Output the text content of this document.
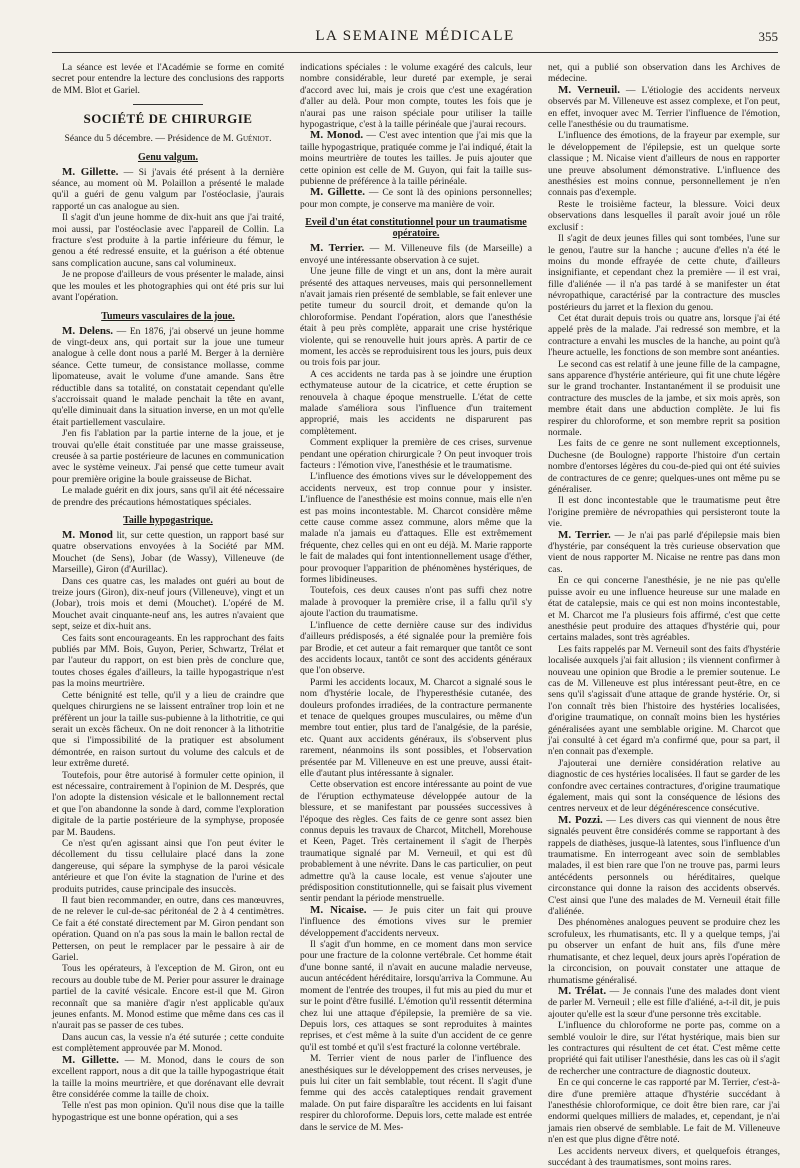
LA SEMAINE MÉDICALE	355

La séance est levée et l'Académie se forme en comité secret pour entendre la lecture des conclusions des rapports de MM. Blot et Gariel.

SOCIÉTÉ DE CHIRURGIE
Séance du 5 décembre. — Présidence de M. Guéniot.
Genu valgum.

M. Gillette. — Si j'avais été présent à la dernière séance, au moment où M. Polaillon a présenté le malade qu'il a guéri de genu valgum par l'ostéoclasie, j'aurais rapporté un cas analogue au sien.

Il s'agit d'un jeune homme de dix-huit ans que j'ai traité, moi aussi, par l'ostéoclasie avec l'appareil de Collin. La fracture s'est produite à la partie inférieure du fémur, le genou a été redressé ensuite, et la guérison a été obtenue sans complication aucune, sans cal volumineux.

Je ne propose d'ailleurs de vous présenter le malade, ainsi que les moules et les photographies qui ont été pris sur lui avant l'opération.

Tumeurs vasculaires de la joue.

M. Delens. — En 1876, j'ai observé un jeune homme de vingt-deux ans, qui portait sur la joue une tumeur analogue à celle dont nous a parlé M. Berger à la dernière séance. Cette tumeur, de consistance mollasse, comme lipomateuse, avait le volume d'une amande. Sans être réductible dans sa totalité, on constatait cependant qu'elle s'accroissait quand le malade penchait la tête en avant, qu'elle diminuait dans la situation inverse, en un mot qu'elle était partiellement vasculaire.

J'en fis l'ablation par la partie interne de la joue, et je trouvai qu'elle était constituée par une masse graisseuse, creusée à sa partie postérieure de lacunes en communication avec le système veineux. J'ai pensé que cette tumeur avait pour première origine la boule graisseuse de Bichat.

Le malade guérit en dix jours, sans qu'il ait été nécessaire de prendre des précautions hémostatiques spéciales.

Taille hypogastrique.

M. Monod lit, sur cette question, un rapport basé sur quatre observations envoyées à la Société par MM. Mouchet (de Sens), Jobar (de Wassy), Villeneuve (de Marseille), Giron (d'Aurillac).

Dans ces quatre cas, les malades ont guéri au bout de treize jours (Giron), dix-neuf jours (Villeneuve), vingt et un (Jobar), trois mois et demi (Mouchet). L'opéré de M. Mouchet avait cinquante-neuf ans, les autres n'avaient que sept, seize et dix-huit ans.

Ces faits sont encourageants. En les rapprochant des faits publiés par MM. Bois, Guyon, Perier, Schwartz, Trélat et par l'auteur du rapport, on est bien près de conclure que, toutes choses égales d'ailleurs, la taille hypogastrique n'est pas la moins meurtrière.

Cette bénignité est telle, qu'il y a lieu de craindre que quelques chirurgiens ne se laissent entraîner trop loin et ne préfèrent un jour la taille sus-pubienne à la lithotritie, ce qui serait un excès fâcheux. On ne doit renoncer à la lithotritie que si l'impossibilité de la pratiquer est absolument démontrée, en raison surtout du volume des calculs et de leur extrême dureté.

Toutefois, pour être autorisé à formuler cette opinion, il est nécessaire, contrairement à l'opinion de M. Després, que l'on adopte la distension vésicale et le ballonnement rectal et que l'on abandonne la sonde à dard, comme l'exploration digitale de la partie postérieure de la symphyse, proposée par M. Baudens.

Ce n'est qu'en agissant ainsi que l'on peut éviter le décollement du tissu cellulaire placé dans la zone dangereuse, qui sépare la symphyse de la paroi vésicale antérieure et que l'on évite la stagnation de l'urine et des produits putrides, cause principale des insuccès.

Il faut bien recommander, en outre, dans ces manœuvres, de ne relever le cul-de-sac péritonéal de 2 à 4 centimètres. Ce fait a été constaté directement par M. Giron pendant son opération. Quand on n'a pas sous la main le ballon rectal de Pettersen, on peut le remplacer par le pessaire à air de Gariel.

Tous les opérateurs, à l'exception de M. Giron, ont eu recours au double tube de M. Perier pour assurer le drainage partiel de la cavité vésicale. Encore est-il que M. Giron reconnaît que sa manière d'agir n'est applicable qu'aux jeunes enfants. M. Monod estime que même dans ces cas il n'aurait pas se passer de ces tubes.

Dans aucun cas, la vessie n'a été suturée ; cette conduite est complètement approuvée par M. Monod.

M. Gillette. — M. Monod, dans le cours de son excellent rapport, nous a dit que la taille hypogastrique était la taille la moins meurtrière, et que dorénavant elle devrait être considérée comme la taille de choix.

Telle n'est pas mon opinion. Qu'il nous dise que la taille hypogastrique est une bonne opération, qui a ses

indications spéciales : le volume exagéré des calculs, leur nombre considérable, leur dureté par exemple, je serai d'accord avec lui, mais je crois que c'est une exagération d'aller au delà. Pour mon compte, toutes les fois que je n'aurai pas une raison spéciale pour utiliser la taille hypogastrique, c'est à la taille périnéale que j'aurai recours.

M. Monod. — C'est avec intention que j'ai mis que la taille hypogastrique, pratiquée comme je l'ai indiqué, était la moins meurtrière de toutes les tailles. Je puis ajouter que cette opinion est celle de M. Guyon, qui fait la taille sus-pubienne de préférence à la taille périnéale.

M. Gillette. — Ce sont là des opinions personnelles; pour mon compte, je conserve ma manière de voir.

Eveil d'un état constitutionnel pour un traumatisme opératoire.

M. Terrier. — M. Villeneuve fils (de Marseille) a envoyé une intéressante observation à ce sujet.

Une jeune fille de vingt et un ans, dont la mère aurait présenté des attaques nerveuses, mais qui personnellement n'avait jamais rien présenté de semblable, se fait enlever une petite tumeur du sourcil droit, et demande qu'on la chloroformise. Pendant l'opération, alors que l'anesthésie était à peu près complète, apparait une crise hystérique violente, qui se renouvelle huit jours après. A partir de ce moment, les accès se reproduisirent tous les jours, puis deux ou trois fois par jour.

A ces accidents ne tarda pas à se joindre une éruption ecthymateuse autour de la cicatrice, et cette éruption se renouvela à chaque époque menstruelle. L'état de cette malade s'améliora sous l'influence d'un traitement approprié, mais les accidents ne disparurent pas complètement.

Comment expliquer la première de ces crises, survenue pendant une opération chirurgicale ? On peut invoquer trois facteurs : l'émotion vive, l'anesthésie et le traumatisme.

L'influence des émotions vives sur le développement des accidents nerveux, est trop connue pour y insister. L'influence de l'anesthésie est moins connue, mais elle n'en est pas moins incontestable. M. Charcot considère même cette cause comme assez commune, alors même que la malade n'a jamais eu d'attaques. Elle est extrêmement fréquente, chez celles qui en ont eu déjà. M. Marie rapporte le fait de malades qui font intentionnellement usage d'éther, pour provoquer l'apparition de phénomènes hystériques, de formes libidineuses.

Toutefois, ces deux causes n'ont pas suffi chez notre malade à provoquer la première crise, il a fallu qu'il s'y ajoute l'action du traumatisme.

L'influence de cette dernière cause sur des individus d'ailleurs prédisposés, a été signalée pour la première fois par Brodie, et cet auteur a fait remarquer que tantôt ce sont des accidents locaux, tantôt ce sont des accidents généraux que l'on observe.

Parmi les accidents locaux, M. Charcot a signalé sous le nom d'hystérie locale, de l'hyperesthésie cutanée, des douleurs profondes irradiées, de la contracture permanente et tenace de quelques groupes musculaires, ou même d'un membre tout entier, plus tard de l'analgésie, de la parésie, etc. Quant aux accidents généraux, ils s'observent plus rarement, néanmoins ils sont possibles, et l'observation présentée par M. Villeneuve en est une preuve, aussi était-elle d'autant plus intéressante à signaler.

Cette observation est encore intéressante au point de vue de l'éruption ecthymateuse développée autour de la blessure, et se manifestant par poussées successives à l'époque des règles. Ces faits de ce genre sont assez bien connus depuis les travaux de Charcot, Mitchell, Morehouse et Keen, Paget. Très certainement il s'agit de l'herpès traumatique signalé par M. Verneuil, et qui est dû probablement à une névrite. Dans le cas particulier, on peut admettre qu'à la cause locale, est venue s'ajouter une prédisposition constitutionnelle, qui se faisait plus vivement sentir pendant la période menstruelle.

M. Nicaise. — Je puis citer un fait qui prouve l'influence des émotions vives sur le premier développement d'accidents nerveux.

Il s'agit d'un homme, en ce moment dans mon service pour une fracture de la colonne vertébrale. Cet homme était d'une bonne santé, il n'avait en aucune maladie nerveuse, aucun antécédent héréditaire, lorsqu'arriva la Commune. Au moment de l'entrée des troupes, il fut mis au pied du mur et sur le point d'être fusillé. L'émotion qu'il ressentit détermina chez lui une attaque d'épilepsie, la première de sa vie. Depuis lors, ces attaques se sont reproduites à maintes reprises, et c'est même à la suite d'un accident de ce genre qu'il est tombé et qu'il s'est fracturé la colonne vertébrale.

M. Terrier vient de nous parler de l'influence des anesthésiques sur le développement des crises nerveuses, je puis lui citer un fait semblable, tout récent. Il s'agit d'une femme qui des accès cataleptiques rendait gravement malade. On put faire disparaître les accidents en lui faisant respirer du chloroforme. Depuis lors, cette malade est entrée dans le service de M. Mes-

net, qui a publié son observation dans les Archives de médecine.

M. Verneuil. — L'étiologie des accidents nerveux observés par M. Villeneuve est assez complexe, et l'on peut, en effet, invoquer avec M. Terrier l'influence de l'émotion, celle l'anesthésie ou du traumatisme.

L'influence des émotions, de la frayeur par exemple, sur le développement de l'épilepsie, est un quelque sorte classique ; M. Nicaise vient d'ailleurs de nous en rapporter une preuve absolument démonstrative. L'influence des anesthésies est moins connue, personnellement je n'en connais pas d'exemple.

Reste le troisième facteur, la blessure. Voici deux observations dans lesquelles il paraît avoir joué un rôle exclusif :

Il s'agit de deux jeunes filles qui sont tombées, l'une sur le genou, l'autre sur la hanche ; aucune d'elles n'a été le moins du monde effrayée de cette chute, d'ailleurs insignifiante, et cependant chez la première — il est vrai, fille d'aliénée — il n'a pas tardé à se manifester un état névropathique, caractérisé par la contracture des muscles postérieurs du jarret et la flexion du genou.

Cet état durait depuis trois ou quatre ans, lorsque j'ai été appelé près de la malade. J'ai redressé son membre, et la contracture a envahi les muscles de la hanche, au point qu'à l'heure actuelle, les fonctions de son membre sont anéanties.

Le second cas est relatif à une jeune fille de la campagne, sans apparence d'hystérie antérieure, qui fit une chute légère sur le grand trochanter. Instantanément il se produisit une contracture des muscles de la jambe, et six mois après, son membre était dans une abduction complète. Je lui fis respirer du chloroforme, et son membre reprit sa position normale.

Les faits de ce genre ne sont nullement exceptionnels, Duchesne (de Boulogne) rapporte l'histoire d'un certain nombre d'entorses légères du cou-de-pied qui ont été suivies de contractures de ce genre; quelques-unes ont même pu se généraliser.

Il est donc incontestable que le traumatisme peut être l'origine première de névropathies qui persisteront toute la vie.

M. Terrier. — Je n'ai pas parlé d'épilepsie mais bien d'hystérie, par conséquent la très curieuse observation que vient de nous rapporter M. Nicaise ne rentre pas dans mon cas.

En ce qui concerne l'anesthésie, je ne nie pas qu'elle puisse avoir eu une influence heureuse sur une malade en état de catalepsie, mais ce qui est non moins incontestable, et M. Charcot me l'a plusieurs fois affirmé, c'est que cette anesthésie peut produire des attaques d'hystérie qui, pour certains malades, sont très agréables.

Les faits rappelés par M. Verneuil sont des faits d'hystérie localisée auxquels j'ai fait allusion ; ils viennent confirmer à nouveau une opinion que Brodie a le premier soutenue. Le cas de M. Villeneuve est plus intéressant peut-être, en ce sens qu'il s'agissait d'une attaque de grande hystérie. Or, si l'on connaît très bien l'histoire des hystéries localisées, d'origine traumatique, on connaît moins bien les hystéries généralisées ayant une semblable origine. M. Charcot que j'ai consulté à cet égard m'a confirmé que, pour sa part, il n'en connait pas d'exemple.

J'ajouterai une dernière considération relative au diagnostic de ces hystéries localisées. Il faut se garder de les confondre avec certaines contractures, d'origine traumatique également, mais qui sont la conséquence de lésions des centres nerveux et de leur dégénérescence consécutive.

M. Pozzi. — Les divers cas qui viennent de nous être signalés peuvent être considérés comme se rapportant à des rappels de diathèses, jusque-là latentes, sous l'influence d'un traumatisme. En interrogeant avec soin de semblables malades, il est bien rare que l'on ne trouve pas, parmi leurs antécédents personnels ou héréditaires, quelque circonstance qui donne la raison des accidents observés. C'est ainsi que l'une des malades de M. Verneuil était fille d'aliénée.

Des phénomènes analogues peuvent se produire chez les scrofuleux, les rhumatisants, etc. Il y a quelque temps, j'ai pu observer un enfant de huit ans, fils d'une mère rhumatisante, et chez lequel, deux jours après l'opération de la circoncision, on pouvait constater une attaque de rhumatisme généralisé.

M. Trélat. — Je connais l'une des malades dont vient de parler M. Verneuil ; elle est fille d'aliéné, a-t-il dit, je puis ajouter qu'elle est la sœur d'une personne très excitable.

L'influence du chloroforme ne porte pas, comme on a semblé vouloir le dire, sur l'état hystérique, mais bien sur les contractures qui résultent de cet état. C'est même cette propriété qui fait utiliser l'anesthésie, dans les cas où il s'agit de rechercher une contracture de diagnostic douteux.

En ce qui concerne le cas rapporté par M. Terrier, c'est-à-dire d'une première attaque d'hystérie succédant à l'anesthésie chloroformique, ce doit être bien rare, car j'ai endormi quelques milliers de malades, et, cependant, je n'ai jamais rien observé de semblable. Le fait de M. Villeneuve n'en est que plus digne d'être noté.

Les accidents nerveux divers, et quelquefois étranges, succédant à des traumatismes, sont moins rares.
